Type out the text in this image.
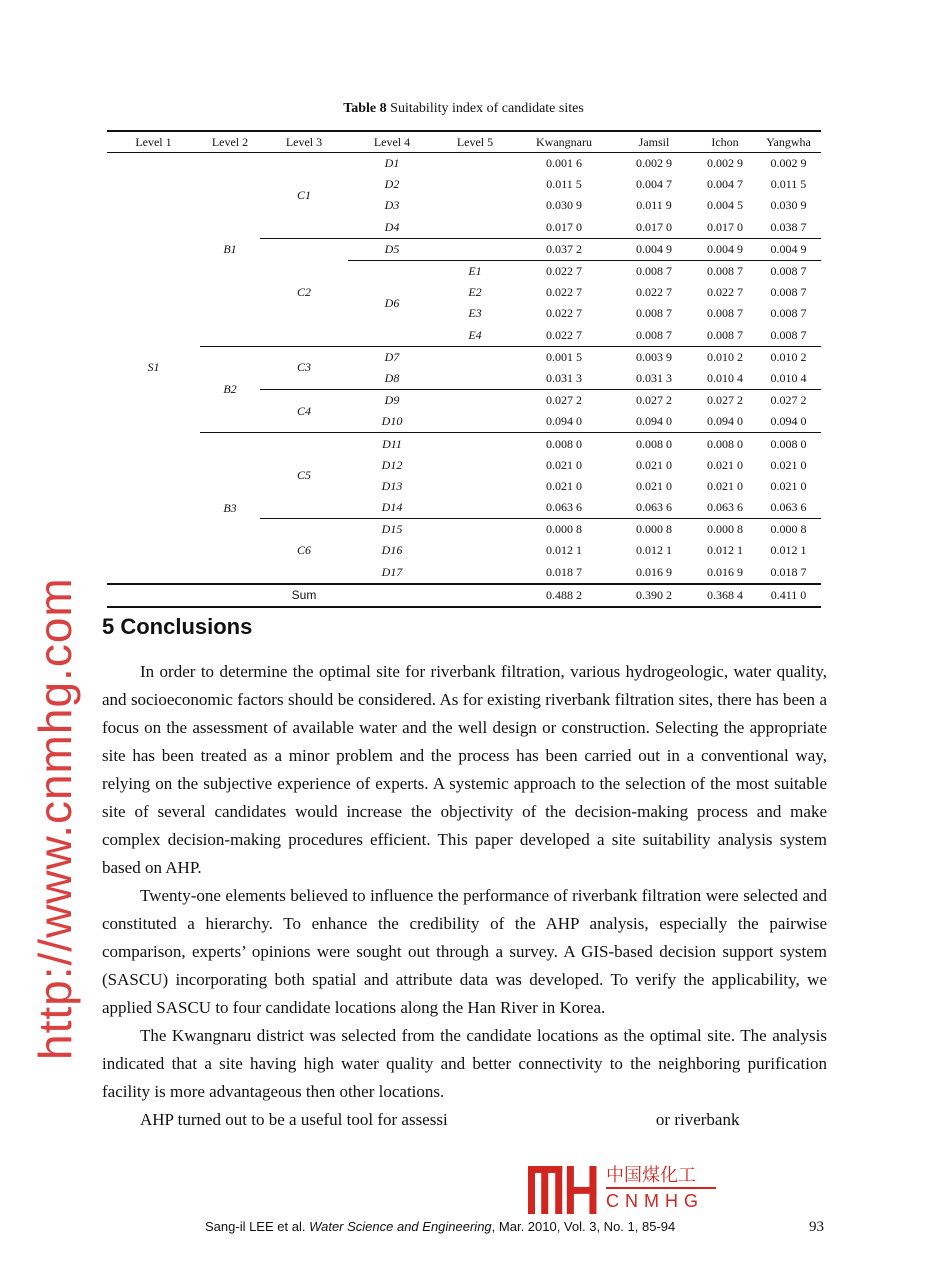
Table 8 Suitability index of candidate sites
Level 1	Level 2	Level 3	Level 4	Level 5	Kwangnaru	Jamsil	Ichon	Yangwha
S1	B1	C1	D1		0.001 6	0.002 9	0.002 9	0.002 9
			D2		0.011 5	0.004 7	0.004 7	0.011 5
			D3		0.030 9	0.011 9	0.004 5	0.030 9
			D4		0.017 0	0.017 0	0.017 0	0.038 7
		C2	D5		0.037 2	0.004 9	0.004 9	0.004 9
			D6	E1	0.022 7	0.008 7	0.008 7	0.008 7
				E2	0.022 7	0.022 7	0.022 7	0.008 7
				E3	0.022 7	0.008 7	0.008 7	0.008 7
				E4	0.022 7	0.008 7	0.008 7	0.008 7
	B2	C3	D7		0.001 5	0.003 9	0.010 2	0.010 2
			D8		0.031 3	0.031 3	0.010 4	0.010 4
		C4	D9		0.027 2	0.027 2	0.027 2	0.027 2
			D10		0.094 0	0.094 0	0.094 0	0.094 0
	B3	C5	D11		0.008 0	0.008 0	0.008 0	0.008 0
			D12		0.021 0	0.021 0	0.021 0	0.021 0
			D13		0.021 0	0.021 0	0.021 0	0.021 0
			D14		0.063 6	0.063 6	0.063 6	0.063 6
		C6	D15		0.000 8	0.000 8	0.000 8	0.000 8
			D16		0.012 1	0.012 1	0.012 1	0.012 1
			D17		0.018 7	0.016 9	0.016 9	0.018 7
		Sum			0.488 2	0.390 2	0.368 4	0.411 0
5 Conclusions

In order to determine the optimal site for riverbank filtration, various hydrogeologic, water quality, and socioeconomic factors should be considered. As for existing riverbank filtration sites, there has been a focus on the assessment of available water and the well design or construction. Selecting the appropriate site has been treated as a minor problem and the process has been carried out in a conventional way, relying on the subjective experience of experts. A systemic approach to the selection of the most suitable site of several candidates would increase the objectivity of the decision-making process and make complex decision-making procedures efficient. This paper developed a site suitability analysis system based on AHP.

Twenty-one elements believed to influence the performance of riverbank filtration were selected and constituted a hierarchy. To enhance the credibility of the AHP analysis, especially the pairwise comparison, experts’ opinions were sought out through a survey. A GIS-based decision support system (SASCU) incorporating both spatial and attribute data was developed. To verify the applicability, we applied SASCU to four candidate locations along the Han River in Korea.

The Kwangnaru district was selected from the candidate locations as the optimal site. The analysis indicated that a site having high water quality and better connectivity to the neighboring purification facility is more advantageous then other locations.

AHP turned out to be a useful tool for assessi                                                 or riverbank

http://www.cnmhg.com
中国煤化工
CNMHG
Sang-il LEE et al. Water Science and Engineering, Mar. 2010, Vol. 3, No. 1, 85-94	93
